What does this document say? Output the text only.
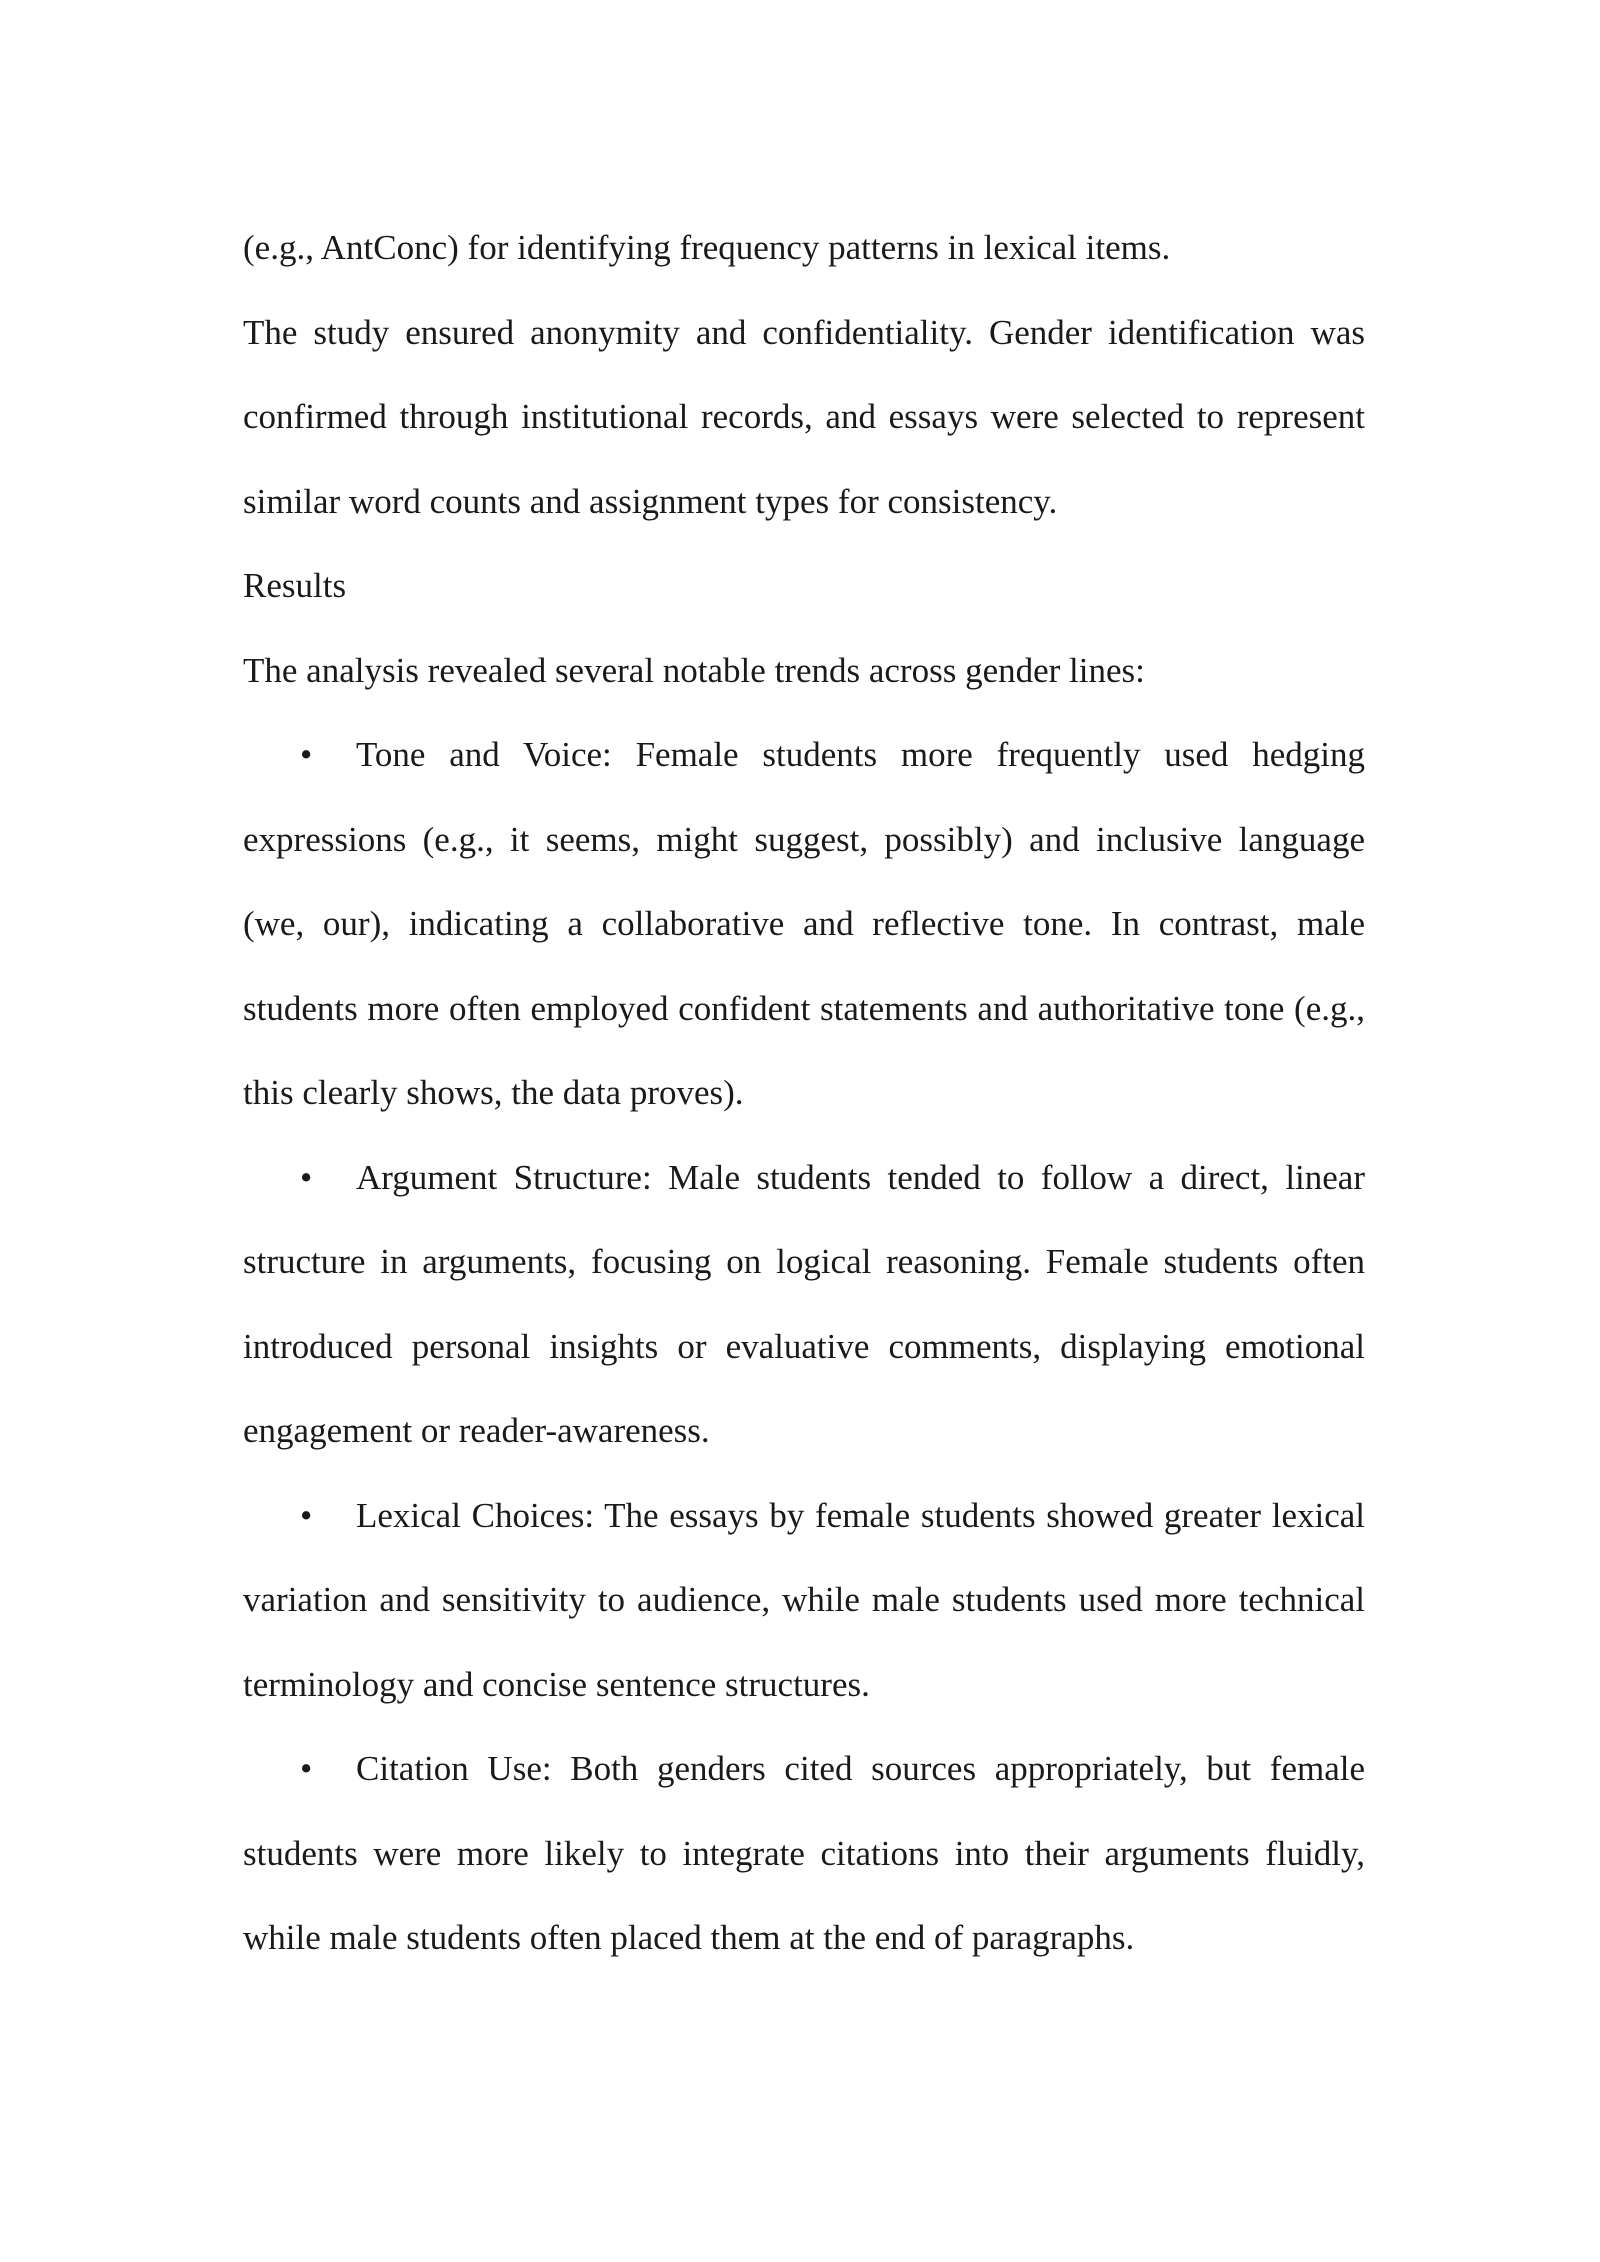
(e.g., AntConc) for identifying frequency patterns in lexical items.

The study ensured anonymity and confidentiality. Gender identification was confirmed through institutional records, and essays were selected to represent similar word counts and assignment types for consistency.

Results

The analysis revealed several notable trends across gender lines:

• Tone and Voice: Female students more frequently used hedging expressions (e.g., it seems, might suggest, possibly) and inclusive language (we, our), indicating a collaborative and reflective tone. In contrast, male students more often employed confident statements and authoritative tone (e.g., this clearly shows, the data proves).

• Argument Structure: Male students tended to follow a direct, linear structure in arguments, focusing on logical reasoning. Female students often introduced personal insights or evaluative comments, displaying emotional engagement or reader-awareness.

• Lexical Choices: The essays by female students showed greater lexical variation and sensitivity to audience, while male students used more technical terminology and concise sentence structures.

• Citation Use: Both genders cited sources appropriately, but female students were more likely to integrate citations into their arguments fluidly, while male students often placed them at the end of paragraphs.
